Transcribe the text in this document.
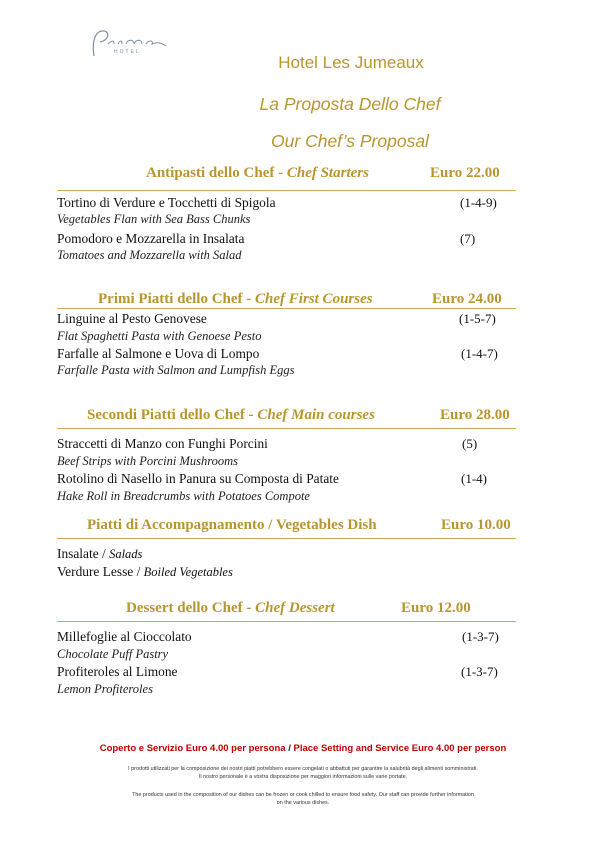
HOTEL
Hotel Les Jumeaux
La Proposta Dello Chef
Our Chef’s Proposal
Antipasti dello Chef - Chef Starters	Euro 22.00
Tortino di Verdure e Tocchetti di Spigola	(1-4-9)
Vegetables Flan with Sea Bass Chunks
Pomodoro e Mozzarella in Insalata	(7)
Tomatoes and Mozzarella with Salad
Primi Piatti dello Chef - Chef First Courses	Euro 24.00
Linguine al Pesto Genovese	(1-5-7)
Flat Spaghetti Pasta with Genoese Pesto
Farfalle al Salmone e Uova di Lompo	(1-4-7)
Farfalle Pasta with Salmon and Lumpfish Eggs
Secondi Piatti dello Chef - Chef Main courses	Euro 28.00
Straccetti di Manzo con Funghi Porcini	(5)
Beef Strips with Porcini Mushrooms
Rotolino di Nasello in Panura su Composta di Patate	(1-4)
Hake Roll in Breadcrumbs with Potatoes Compote
Piatti di Accompagnamento / Vegetables Dish	Euro 10.00
Insalate / Salads
Verdure Lesse / Boiled Vegetables
Dessert dello Chef - Chef Dessert	Euro 12.00
Millefoglie al Cioccolato	(1-3-7)
Chocolate Puff Pastry
Profiteroles al Limone	(1-3-7)
Lemon Profiteroles
Coperto e Servizio Euro 4.00 per persona / Place Setting and Service Euro 4.00 per person
I prodotti utilizzati per la composizione dei nostri piatti potrebbero essere congelati o abbattuti per garantire la salubrità degli alimenti somministrati.
Il nostro personale è a vostra disposizione per maggiori informazioni sulle varie portate.
The products used in the composition of our dishes can be frozen or cook chilled to ensure food safety. Our staff can provide further information
on the various dishes.
